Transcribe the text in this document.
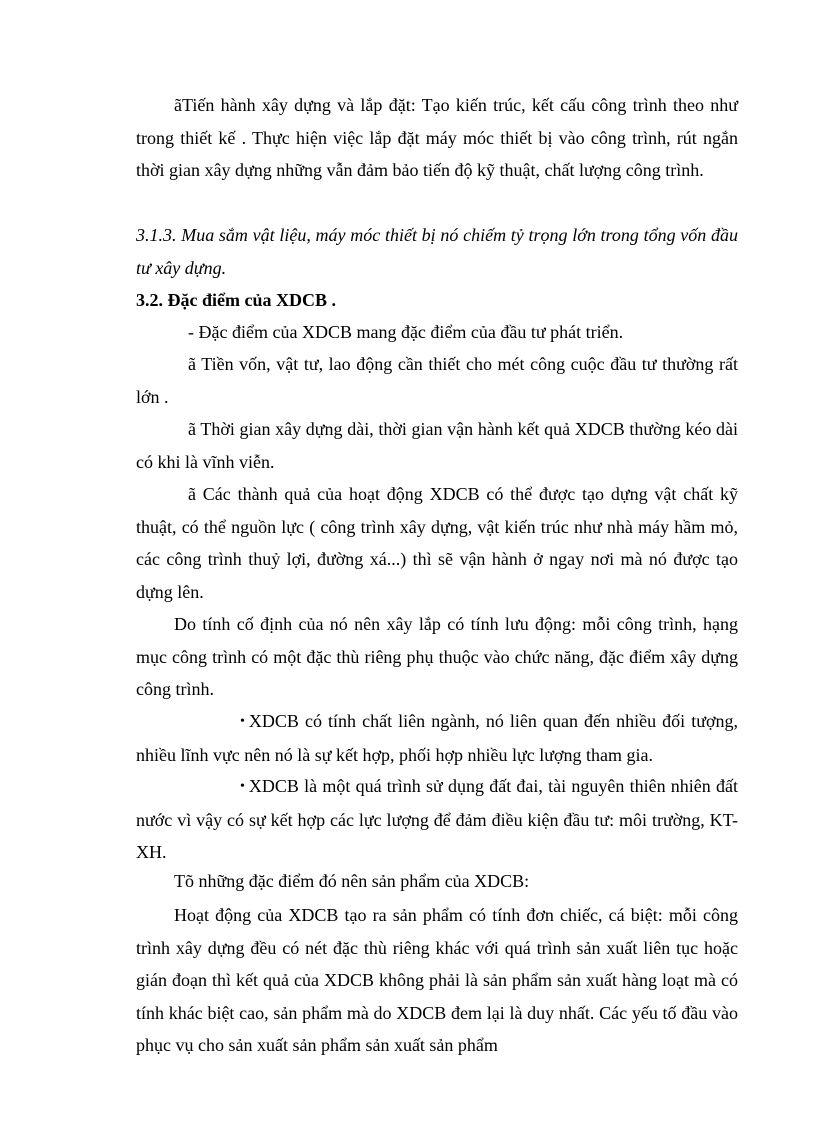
ãTiến hành xây dựng và lắp đặt: Tạo kiến trúc, kết cấu công trình theo như trong thiết kế . Thực hiện việc lắp đặt máy móc thiết bị vào công trình, rút ngắn thời gian xây dựng những vẫn đảm bảo tiến độ kỹ thuật, chất lượng công trình.

3.1.3. Mua sắm vật liệu, máy móc thiết bị nó chiếm tỷ trọng lớn trong tổng vốn đầu tư xây dựng.

3.2. Đặc điểm của XDCB .

- Đặc điểm của XDCB mang đặc điểm của đầu tư phát triển.

ã Tiền vốn, vật tư, lao động cần thiết cho mét công cuộc đầu tư thường rất lớn .

ã Thời gian xây dựng dài, thời gian vận hành kết quả XDCB thường kéo dài có khi là vĩnh viễn.

ã Các thành quả của hoạt động XDCB có thể được tạo dựng vật chất kỹ thuật, có thể nguồn lực ( công trình xây dựng, vật kiến trúc như nhà máy hầm mỏ, các công trình thuỷ lợi, đường xá...) thì sẽ vận hành ở ngay nơi mà nó được tạo dựng lên.

Do tính cố định của nó nên xây lắp có tính lưu động: mỗi công trình, hạng mục công trình có một đặc thù riêng phụ thuộc vào chức năng, đặc điểm xây dựng công trình.

• XDCB có tính chất liên ngành, nó liên quan đến nhiều đối tượng, nhiều lĩnh vực nên nó là sự kết hợp, phối hợp nhiều lực lượng tham gia.

• XDCB là một quá trình sử dụng đất đai, tài nguyên thiên nhiên đất nước vì vậy có sự kết hợp các lực lượng để đảm điều kiện đầu tư: môi trường, KT-XH.

Tõ những đặc điểm đó nên sản phẩm của XDCB:

Hoạt động của XDCB tạo ra sản phẩm có tính đơn chiếc, cá biệt: mỗi công trình xây dựng đều có nét đặc thù riêng khác với quá trình sản xuất liên tục hoặc gián đoạn thì kết quả của XDCB không phải là sản phẩm sản xuất hàng loạt mà có tính khác biệt cao, sản phẩm mà do XDCB đem lại là duy nhất. Các yếu tố đầu vào phục vụ cho sản xuất sản phẩm sản xuất sản phẩm
